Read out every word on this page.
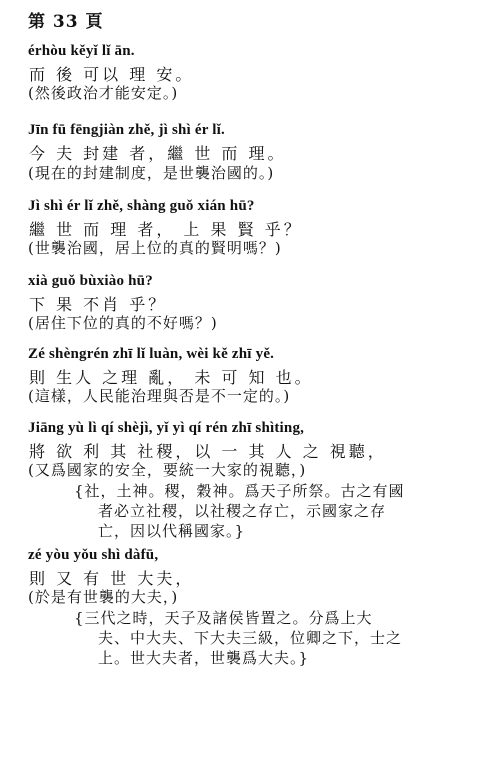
第 33 頁
érhòu kěyǐ lǐ ān.
而 後 可以 理 安。
(然後政治才能安定。)
Jīn fū fēngjiàn zhě, jì shì ér lǐ.
今 夫 封建 者，繼 世 而 理。
(現在的封建制度，是世襲治國的。)
Jì shì ér lǐ zhě, shàng guǒ xián hū?
繼 世 而 理 者， 上 果 賢 乎？
(世襲治國，居上位的真的賢明嗎？)
xià guǒ bùxiào hū?
下 果 不肖 乎？
(居住下位的真的不好嗎？)
Zé shèngrén zhī lǐ luàn, wèi kě zhī yě.
則 生人 之理 亂， 未 可 知 也。
(這樣，人民能治理與否是不一定的。)
Jiāng yù lì qí shèjì, yǐ yì qí rén zhī shìting,
將 欲 利 其 社稷，以 一 其 人 之 視聽，
(又爲國家的安全，要統一大家的視聽，)
{社，土神。稷，穀神。爲天子所祭。古之有國
者必立社稷，以社稷之存亡，示國家之存
亡，因以代稱國家。}
zé yòu yǒu shì dàfū,
則 又 有 世 大夫，
(於是有世襲的大夫，)
{三代之時，天子及諸侯皆置之。分爲上大
夫、中大夫、下大夫三級，位卿之下，士之
上。世大夫者，世襲爲大夫。}
